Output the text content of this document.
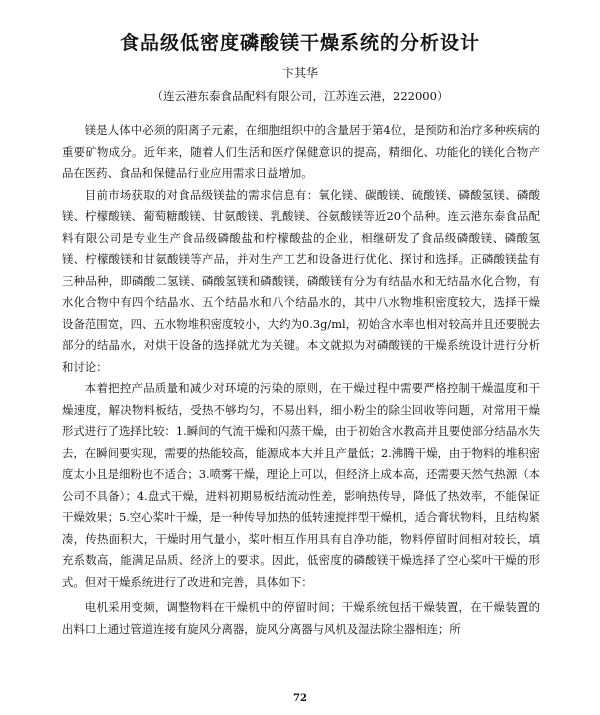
食品级低密度磷酸镁干燥系统的分析设计
卞其华
（连云港东泰食品配料有限公司，江苏连云港，222000）

镁是人体中必须的阳离子元素，在细胞组织中的含量居于第4位，是预防和治疗多种疾病的重要矿物成分。近年来，随着人们生活和医疗保健意识的提高，精细化、功能化的镁化合物产品在医药、食品和保健品行业应用需求日益增加。

目前市场获取的对食品级镁盐的需求信息有：氧化镁、碳酸镁、硫酸镁、磷酸氢镁、磷酸镁、柠檬酸镁、葡萄糖酸镁、甘氨酸镁、乳酸镁、谷氨酸镁等近20个品种。连云港东泰食品配料有限公司是专业生产食品级磷酸盐和柠檬酸盐的企业，相继研发了食品级磷酸镁、磷酸氢镁、柠檬酸镁和甘氨酸镁等产品，并对生产工艺和设备进行优化、探讨和选择。正磷酸镁盐有三种品种，即磷酸二氢镁、磷酸氢镁和磷酸镁，磷酸镁有分为有结晶水和无结晶水化合物，有水化合物中有四个结晶水、五个结晶水和八个结晶水的，其中八水物堆积密度较大，选择干燥设备范围宽，四、五水物堆积密度较小，大约为0.3g/ml，初始含水率也相对较高并且还要脱去部分的结晶水，对烘干设备的选择就尤为关键。本文就拟为对磷酸镁的干燥系统设计进行分析和讨论：

本着把控产品质量和减少对环境的污染的原则，在干燥过程中需要严格控制干燥温度和干燥速度，解决物料板结，受热不够均匀，不易出料，细小粉尘的除尘回收等问题，对常用干燥形式进行了选择比较：1.瞬间的气流干燥和闪蒸干燥，由于初始含水教高并且要使部分结晶水失去，在瞬间要实现，需要的热能较高，能源成本大并且产量低；2.沸腾干燥，由于物料的堆积密度太小且是细粉也不适合；3.喷雾干燥，理论上可以，但经济上成本高，还需要天然气热源（本公司不具备）；4.盘式干燥，进料初期易板结流动性差，影响热传导，降低了热效率，不能保证干燥效果；5.空心桨叶干燥，是一种传导加热的低转速搅拌型干燥机，适合膏状物料，且结构紧凑，传热面积大，干燥时用气量小，桨叶相互作用具有自净功能，物料停留时间相对较长，填充系数高，能满足品质、经济上的要求。因此，低密度的磷酸镁干燥选择了空心桨叶干燥的形式。但对干燥系统进行了改进和完善，具体如下：

电机采用变频，调整物料在干燥机中的停留时间；干燥系统包括干燥装置，在干燥装置的出料口上通过管道连接有旋风分离器，旋风分离器与风机及湿法除尘器相连；所

72
